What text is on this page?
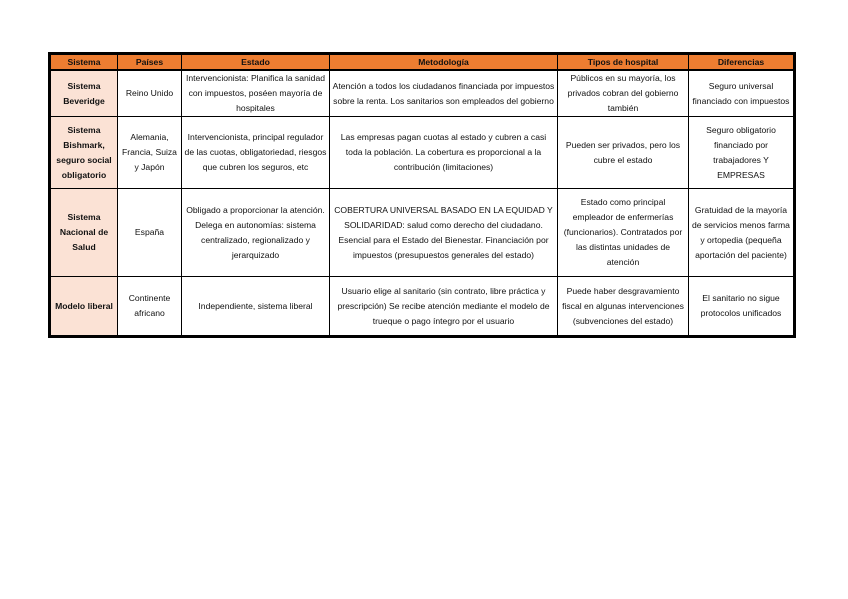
Sistema	Países	Estado	Metodología	Tipos de hospital	Diferencias
Sistema Beveridge	Reino Unido	Intervencionista: Planifica la sanidad con impuestos, poséen mayoría de hospitales	Atención a todos los ciudadanos financiada por impuestos sobre la renta. Los sanitarios son empleados del gobierno	Públicos en su mayoría, los privados cobran del gobierno también	Seguro universal financiado con impuestos
Sistema Bishmark, seguro social obligatorio	Alemania, Francia, Suiza y Japón	Intervencionista, principal regulador de las cuotas, obligatoriedad, riesgos que cubren los seguros, etc	Las empresas pagan cuotas al estado y cubren a casi toda la población. La cobertura es proporcional a la contribución (limitaciones)	Pueden ser privados, pero los cubre el estado	Seguro obligatorio financiado por trabajadores Y EMPRESAS
Sistema Nacional de Salud	España	Obligado a proporcionar la atención. Delega en autonomías: sistema centralizado, regionalizado y jerarquizado	COBERTURA UNIVERSAL BASADO EN LA EQUIDAD Y SOLIDARIDAD: salud como derecho del ciudadano. Esencial para el Estado del Bienestar. Financiación por impuestos (presupuestos generales del estado)	Estado como principal empleador de enfermerías (funcionarios). Contratados por las distintas unidades de atención	Gratuidad de la mayoría de servicios menos farma y ortopedia (pequeña aportación del paciente)
Modelo liberal	Continente africano	Independiente, sistema liberal	Usuario elige al sanitario (sin contrato, libre práctica y prescripción) Se recibe atención mediante el modelo de trueque o pago íntegro por el usuario	Puede haber desgravamiento fiscal en algunas intervenciones (subvenciones del estado)	El sanitario no sigue protocolos unificados
